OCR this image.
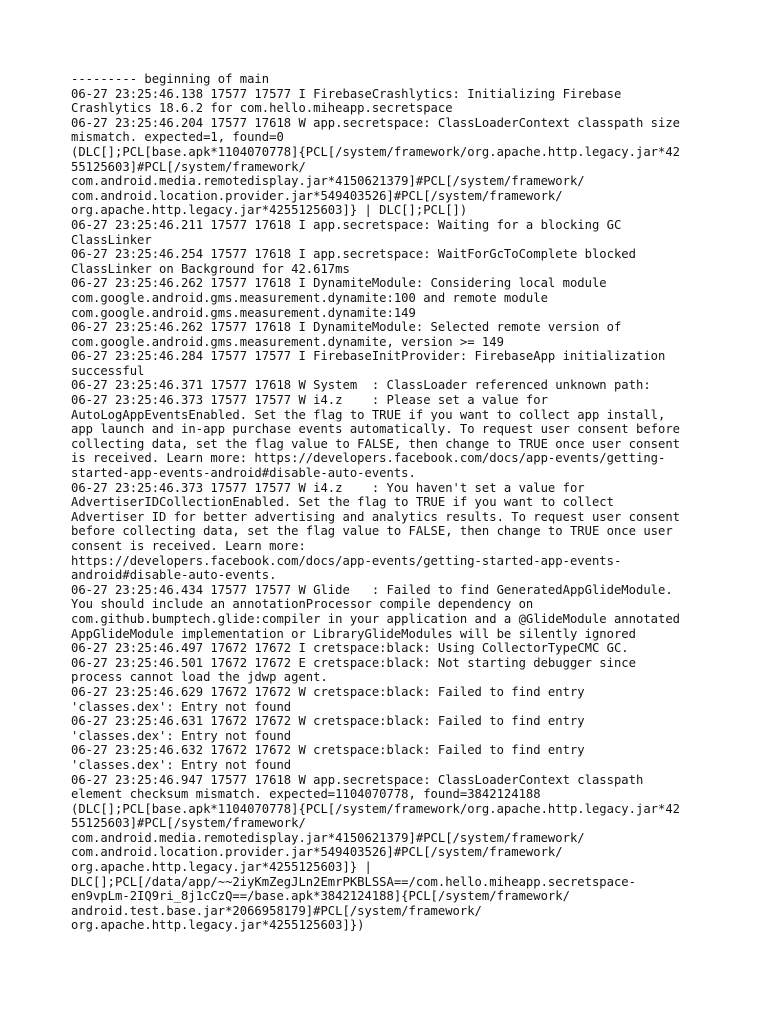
--------- beginning of main
06-27 23:25:46.138 17577 17577 I FirebaseCrashlytics: Initializing Firebase
Crashlytics 18.6.2 for com.hello.miheapp.secretspace
06-27 23:25:46.204 17577 17618 W app.secretspace: ClassLoaderContext classpath size
mismatch. expected=1, found=0
(DLC[];PCL[base.apk*1104070778]{PCL[/system/framework/org.apache.http.legacy.jar*42
55125603]#PCL[/system/framework/
com.android.media.remotedisplay.jar*4150621379]#PCL[/system/framework/
com.android.location.provider.jar*549403526]#PCL[/system/framework/
org.apache.http.legacy.jar*4255125603]} | DLC[];PCL[])
06-27 23:25:46.211 17577 17618 I app.secretspace: Waiting for a blocking GC
ClassLinker
06-27 23:25:46.254 17577 17618 I app.secretspace: WaitForGcToComplete blocked
ClassLinker on Background for 42.617ms
06-27 23:25:46.262 17577 17618 I DynamiteModule: Considering local module
com.google.android.gms.measurement.dynamite:100 and remote module
com.google.android.gms.measurement.dynamite:149
06-27 23:25:46.262 17577 17618 I DynamiteModule: Selected remote version of
com.google.android.gms.measurement.dynamite, version >= 149
06-27 23:25:46.284 17577 17577 I FirebaseInitProvider: FirebaseApp initialization
successful
06-27 23:25:46.371 17577 17618 W System  : ClassLoader referenced unknown path:
06-27 23:25:46.373 17577 17577 W i4.z    : Please set a value for
AutoLogAppEventsEnabled. Set the flag to TRUE if you want to collect app install,
app launch and in-app purchase events automatically. To request user consent before
collecting data, set the flag value to FALSE, then change to TRUE once user consent
is received. Learn more: https://developers.facebook.com/docs/app-events/getting-
started-app-events-android#disable-auto-events.
06-27 23:25:46.373 17577 17577 W i4.z    : You haven't set a value for
AdvertiserIDCollectionEnabled. Set the flag to TRUE if you want to collect
Advertiser ID for better advertising and analytics results. To request user consent
before collecting data, set the flag value to FALSE, then change to TRUE once user
consent is received. Learn more:
https://developers.facebook.com/docs/app-events/getting-started-app-events-
android#disable-auto-events.
06-27 23:25:46.434 17577 17577 W Glide   : Failed to find GeneratedAppGlideModule.
You should include an annotationProcessor compile dependency on
com.github.bumptech.glide:compiler in your application and a @GlideModule annotated
AppGlideModule implementation or LibraryGlideModules will be silently ignored
06-27 23:25:46.497 17672 17672 I cretspace:black: Using CollectorTypeCMC GC.
06-27 23:25:46.501 17672 17672 E cretspace:black: Not starting debugger since
process cannot load the jdwp agent.
06-27 23:25:46.629 17672 17672 W cretspace:black: Failed to find entry
'classes.dex': Entry not found
06-27 23:25:46.631 17672 17672 W cretspace:black: Failed to find entry
'classes.dex': Entry not found
06-27 23:25:46.632 17672 17672 W cretspace:black: Failed to find entry
'classes.dex': Entry not found
06-27 23:25:46.947 17577 17618 W app.secretspace: ClassLoaderContext classpath
element checksum mismatch. expected=1104070778, found=3842124188
(DLC[];PCL[base.apk*1104070778]{PCL[/system/framework/org.apache.http.legacy.jar*42
55125603]#PCL[/system/framework/
com.android.media.remotedisplay.jar*4150621379]#PCL[/system/framework/
com.android.location.provider.jar*549403526]#PCL[/system/framework/
org.apache.http.legacy.jar*4255125603]} |
DLC[];PCL[/data/app/~~2iyKmZegJLn2EmrPKBLSSA==/com.hello.miheapp.secretspace-
en9vpLm-2IQ9ri_8j1cCzQ==/base.apk*3842124188]{PCL[/system/framework/
android.test.base.jar*2066958179]#PCL[/system/framework/
org.apache.http.legacy.jar*4255125603]})
